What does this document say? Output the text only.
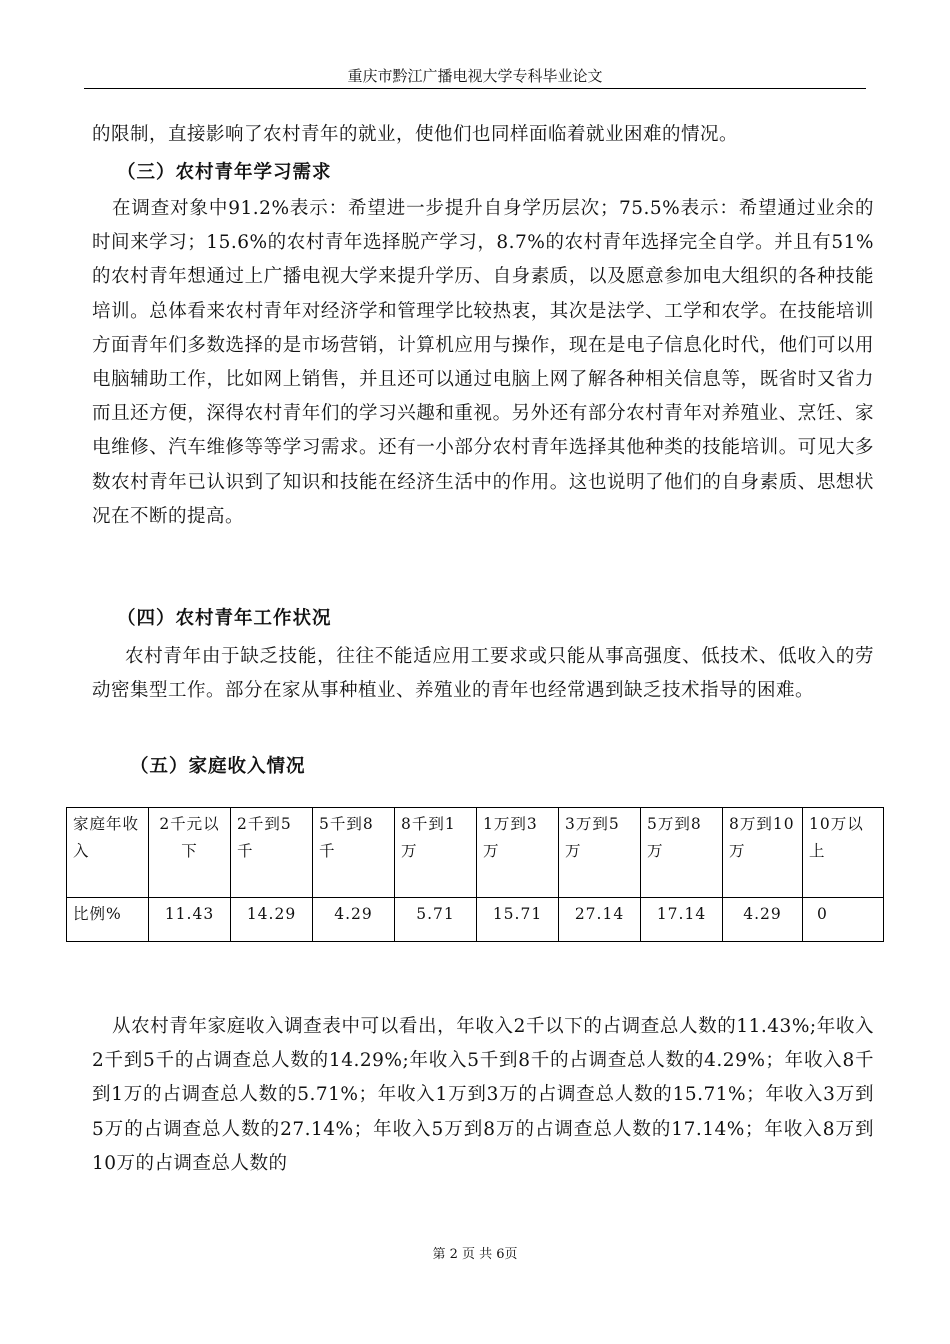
重庆市黔江广播电视大学专科毕业论文

的限制，直接影响了农村青年的就业，使他们也同样面临着就业困难的情况。

（三）农村青年学习需求

在调查对象中91.2%表示：希望进一步提升自身学历层次；75.5%表示：希望通过业余的时间来学习；15.6%的农村青年选择脱产学习，8.7%的农村青年选择完全自学。并且有51%的农村青年想通过上广播电视大学来提升学历、自身素质，以及愿意参加电大组织的各种技能培训。总体看来农村青年对经济学和管理学比较热衷，其次是法学、工学和农学。在技能培训方面青年们多数选择的是市场营销，计算机应用与操作，现在是电子信息化时代，他们可以用电脑辅助工作，比如网上销售，并且还可以通过电脑上网了解各种相关信息等，既省时又省力而且还方便，深得农村青年们的学习兴趣和重视。另外还有部分农村青年对养殖业、烹饪、家电维修、汽车维修等等学习需求。还有一小部分农村青年选择其他种类的技能培训。可见大多数农村青年已认识到了知识和技能在经济生活中的作用。这也说明了他们的自身素质、思想状况在不断的提高。

（四）农村青年工作状况

农村青年由于缺乏技能，往往不能适应用工要求或只能从事高强度、低技术、低收入的劳动密集型工作。部分在家从事种植业、养殖业的青年也经常遇到缺乏技术指导的困难。

（五）家庭收入情况
家庭年收入	2千元以下	2千到5千	5千到8千	8千到1万	1万到3万	3万到5万	5万到8万	8万到10万	10万以上
比例%	11.43	14.29	4.29	5.71	15.71	27.14	17.14	4.29	0

从农村青年家庭收入调查表中可以看出，年收入2千以下的占调查总人数的11.43%;年收入2千到5千的占调查总人数的14.29%;年收入5千到8千的占调查总人数的4.29%；年收入8千到1万的占调查总人数的5.71%；年收入1万到3万的占调查总人数的15.71%；年收入3万到5万的占调查总人数的27.14%；年收入5万到8万的占调查总人数的17.14%；年收入8万到10万的占调查总人数的

第 2 页 共 6页
